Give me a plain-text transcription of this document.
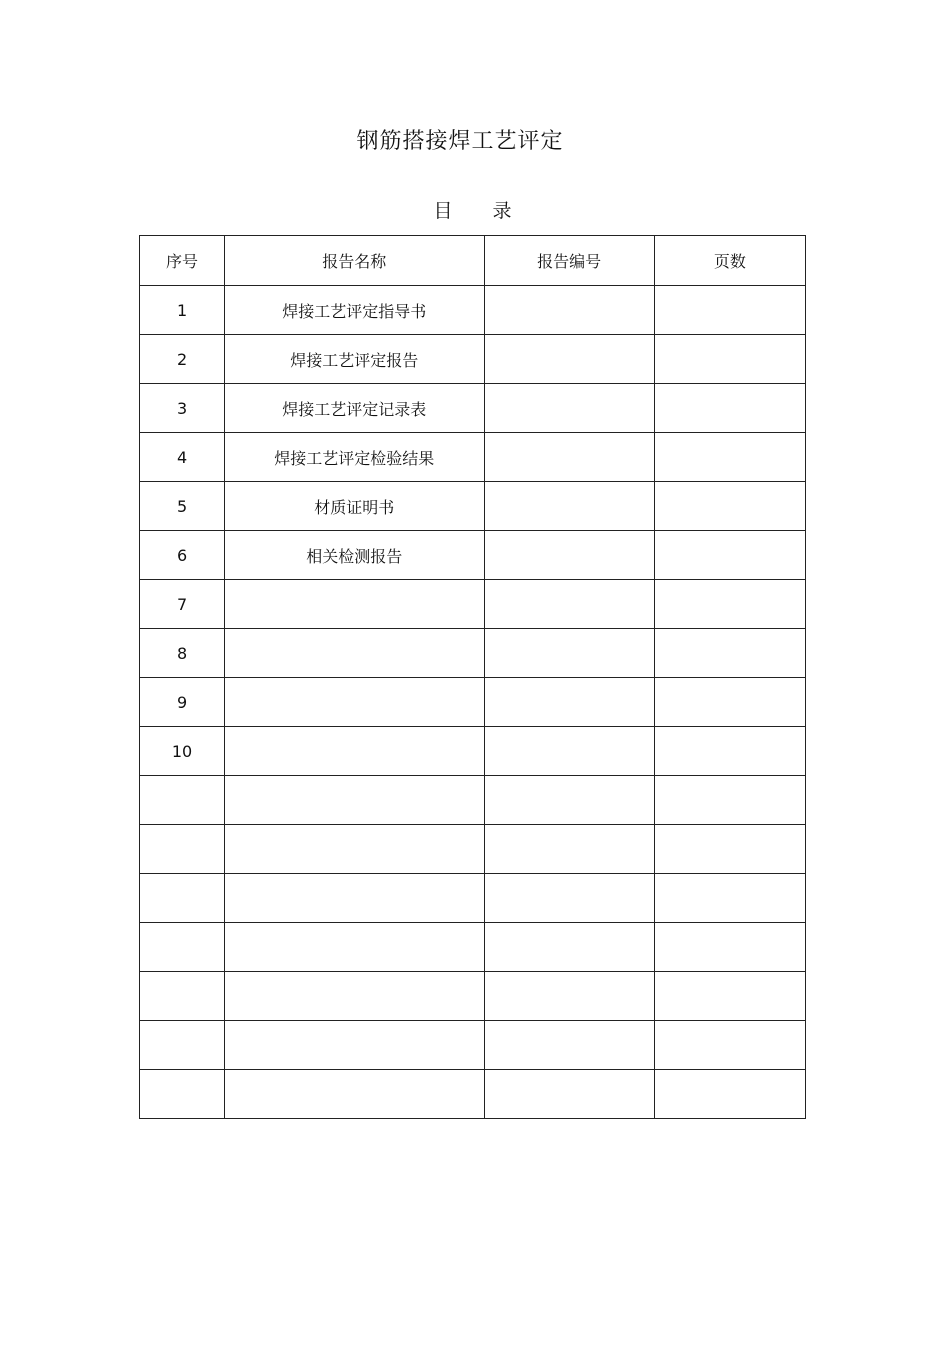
钢筋搭接焊工艺评定
目 录
序号	报告名称	报告编号	页数
1	焊接工艺评定指导书		
2	焊接工艺评定报告		
3	焊接工艺评定记录表		
4	焊接工艺评定检验结果		
5	材质证明书		
6	相关检测报告		
7			
8			
9			
10			
